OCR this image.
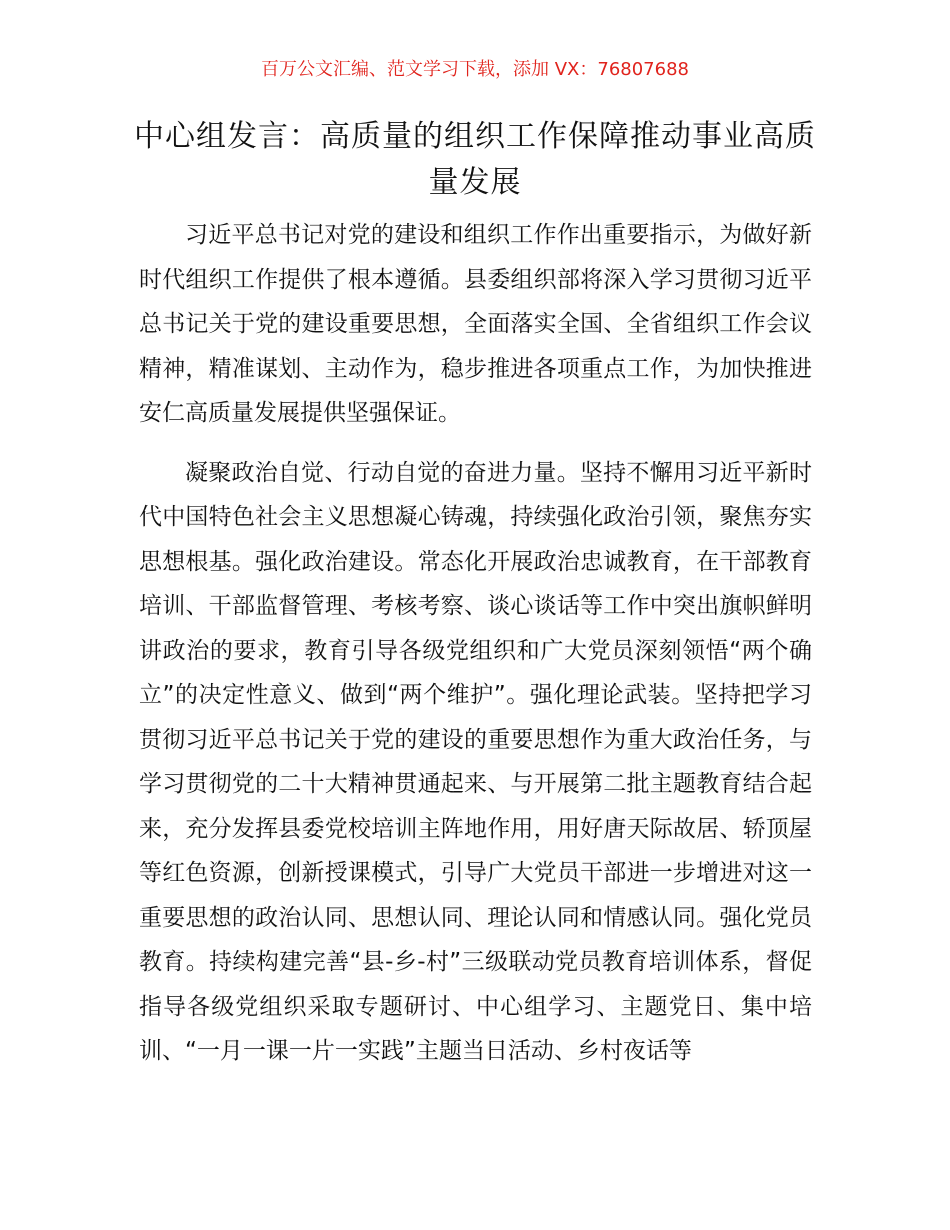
百万公文汇编、范文学习下载，添加 VX：76807688
中心组发言：高质量的组织工作保障推动事业高质量发展

习近平总书记对党的建设和组织工作作出重要指示，为做好新时代组织工作提供了根本遵循。县委组织部将深入学习贯彻习近平总书记关于党的建设重要思想，全面落实全国、全省组织工作会议精神，精准谋划、主动作为，稳步推进各项重点工作，为加快推进安仁高质量发展提供坚强保证。

凝聚政治自觉、行动自觉的奋进力量。坚持不懈用习近平新时代中国特色社会主义思想凝心铸魂，持续强化政治引领，聚焦夯实思想根基。强化政治建设。常态化开展政治忠诚教育，在干部教育培训、干部监督管理、考核考察、谈心谈话等工作中突出旗帜鲜明讲政治的要求，教育引导各级党组织和广大党员深刻领悟“两个确立”的决定性意义、做到“两个维护”。强化理论武装。坚持把学习贯彻习近平总书记关于党的建设的重要思想作为重大政治任务，与学习贯彻党的二十大精神贯通起来、与开展第二批主题教育结合起来，充分发挥县委党校培训主阵地作用，用好唐天际故居、轿顶屋等红色资源，创新授课模式，引导广大党员干部进一步增进对这一重要思想的政治认同、思想认同、理论认同和情感认同。强化党员教育。持续构建完善“县-乡-村”三级联动党员教育培训体系，督促指导各级党组织采取专题研讨、中心组学习、主题党日、集中培训、“一月一课一片一实践”主题当日活动、乡村夜话等
